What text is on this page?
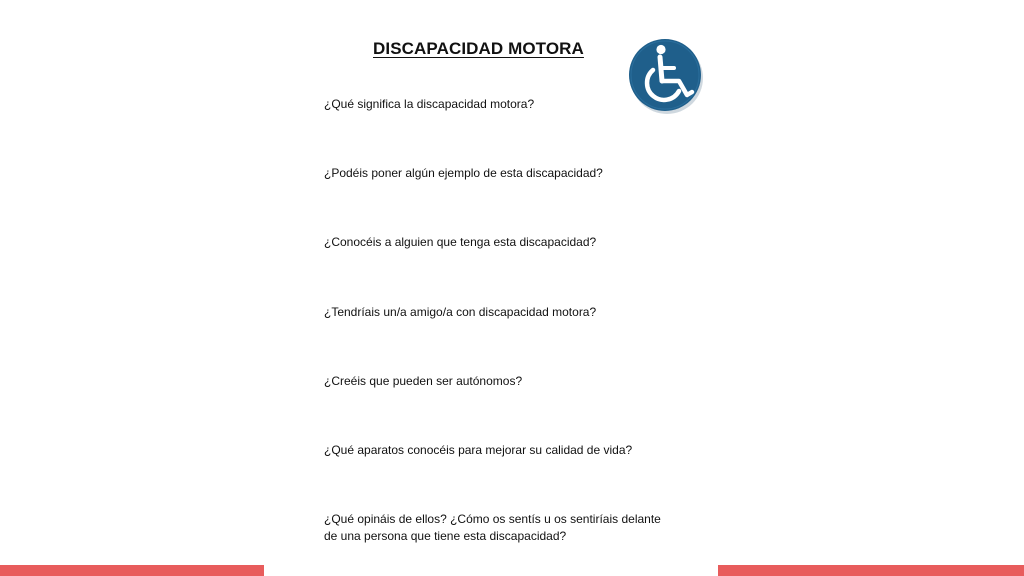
DISCAPACIDAD MOTORA
¿Qué significa la discapacidad motora?
¿Podéis poner algún ejemplo de esta discapacidad?
¿Conocéis a alguien que tenga esta discapacidad?
¿Tendríais un/a amigo/a con discapacidad motora?
¿Creéis que pueden ser autónomos?
¿Qué aparatos conocéis para mejorar su calidad de vida?
¿Qué opináis de ellos? ¿Cómo os sentís u os sentiríais delante de una persona que tiene esta discapacidad?
